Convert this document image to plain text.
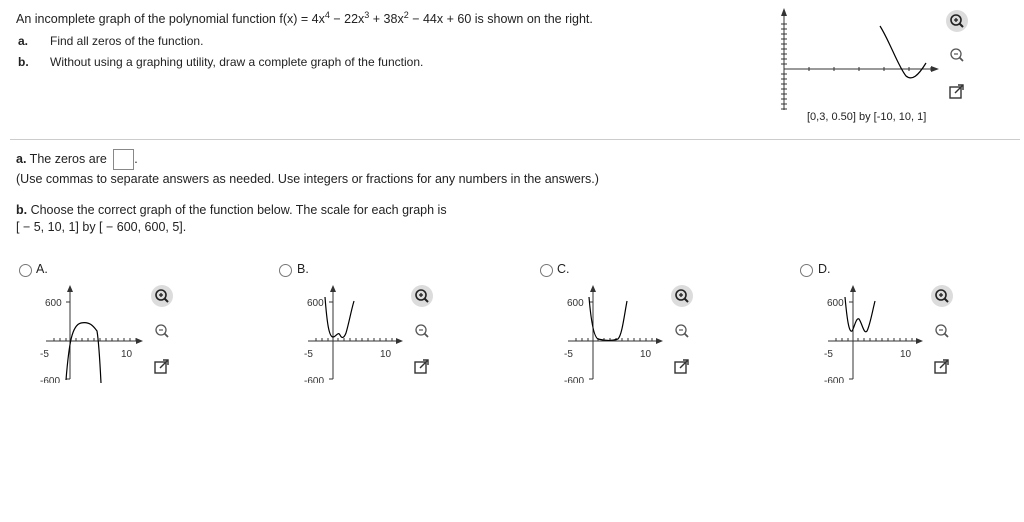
An incomplete graph of the polynomial function $f(x) = 4x^4 - 22x^3 + 38x^2 - 44x + 60$ is shown on the right.
a. Find all zeros of the function.
b. Without using a graphing utility, draw a complete graph of the function.
[0,3, 0.50] by [-10, 10, 1]
a. The zeros are .
(Use commas to separate answers as needed. Use integers or fractions for any numbers in the answers.)
b. Choose the correct graph of the function below. The scale for each graph is
[ − 5, 10, 1] by [ − 600, 600, 5].
A.
600
-600
-5	10
B.
600
-600
-5	10
C.
600
-600
-5	10
D.
600
-600
-5	10
